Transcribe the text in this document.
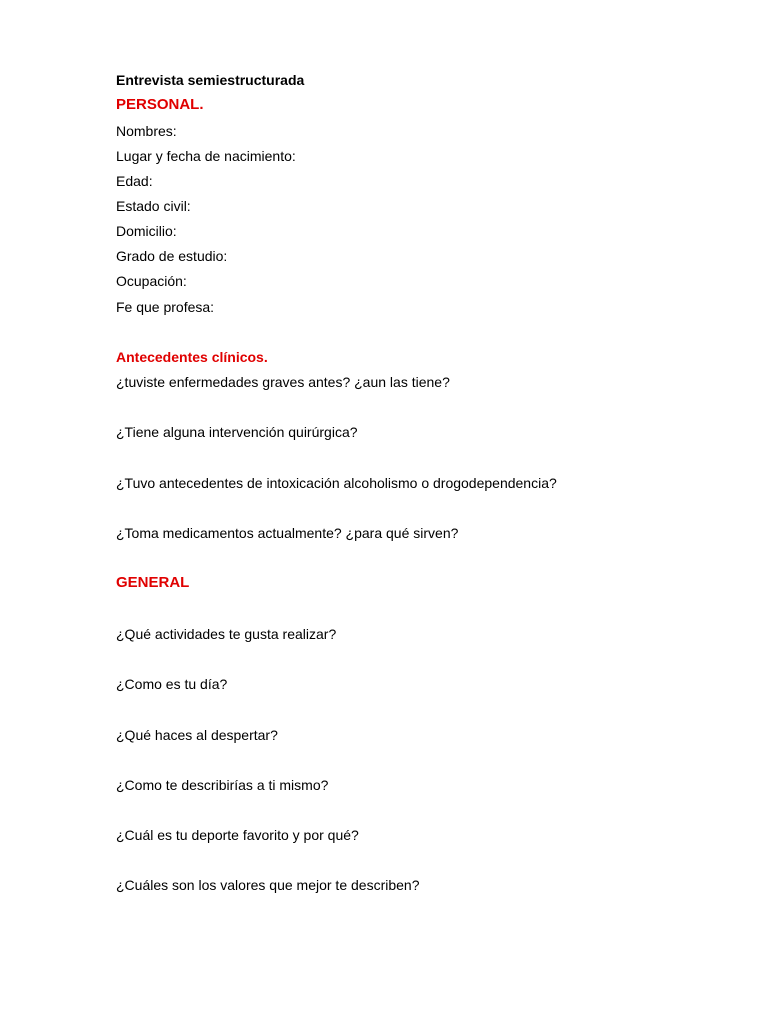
Entrevista semiestructurada
PERSONAL.
Nombres:
Lugar y fecha de nacimiento:
Edad:
Estado civil:
Domicilio:
Grado de estudio:
Ocupación:
Fe que profesa:
Antecedentes clínicos.
¿tuviste enfermedades graves antes? ¿aun las tiene?
¿Tiene alguna intervención quirúrgica?
¿Tuvo antecedentes de intoxicación alcoholismo o drogodependencia?
¿Toma medicamentos actualmente? ¿para qué sirven?
GENERAL
¿Qué actividades te gusta realizar?
¿Como es tu día?
¿Qué haces al despertar?
¿Como te describirías a ti mismo?
¿Cuál es tu deporte favorito y por qué?
¿Cuáles son los valores que mejor te describen?
